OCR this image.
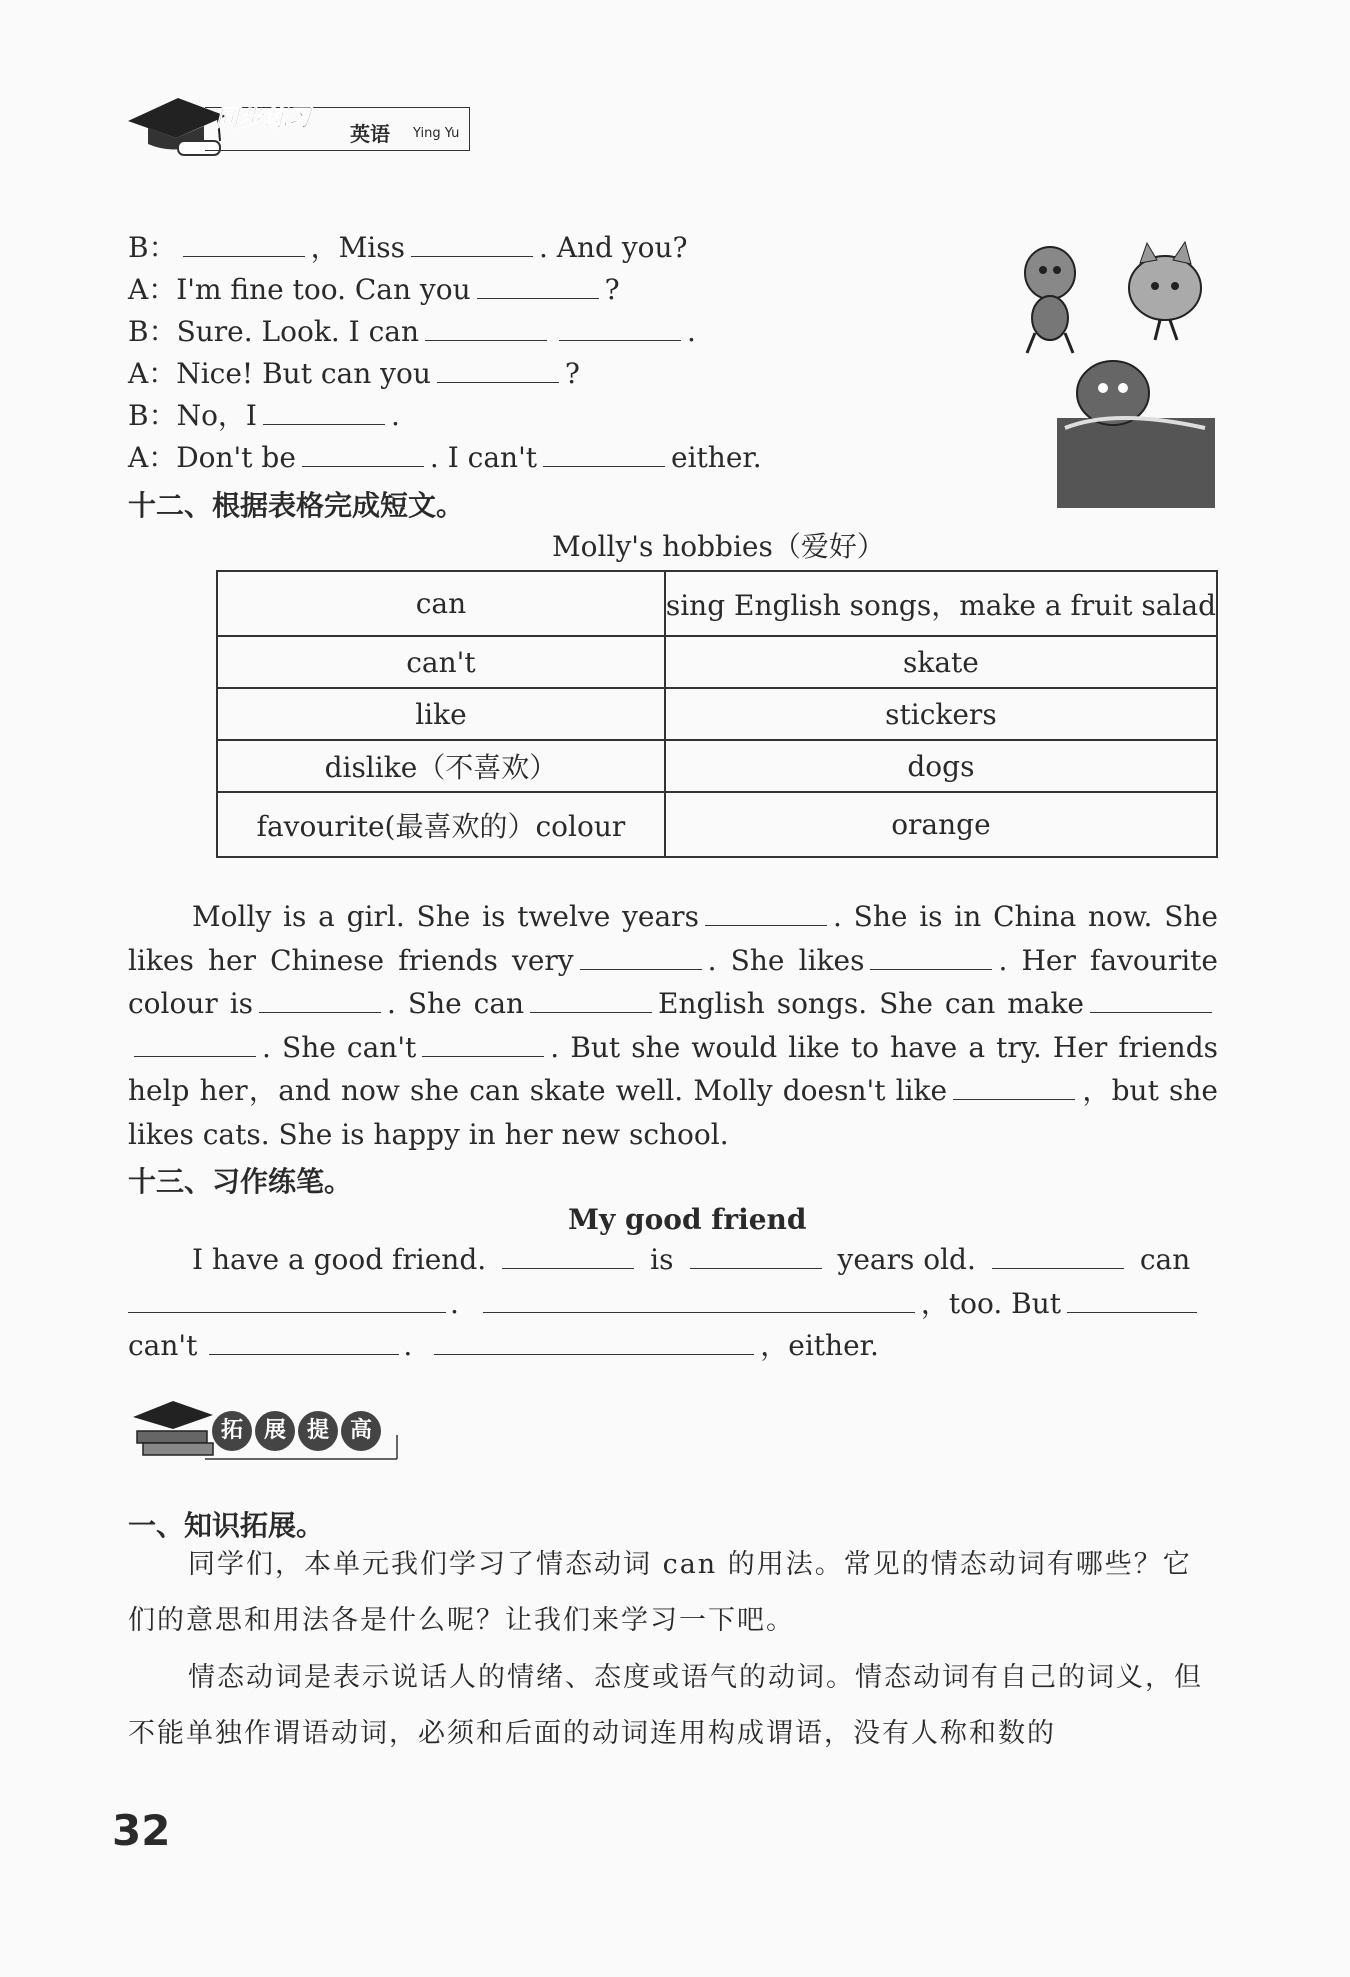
同步练习
英语 Ying Yu
B：	，Miss	. And you?
A：I'm fine too. Can you	?
B：Sure. Look. I can	.
A：Nice! But can you	?
B：No，I	.
A：Don't be	. I can't	either.
十二、根据表格完成短文。
Molly's hobbies（爱好）
can	sing English songs，make a fruit salad
can't	skate
like	stickers
dislike（不喜欢）	dogs
favourite(最喜欢的）colour	orange
Molly is a girl. She is twelve years	. She is in China now. She likes her Chinese friends very	. She likes	. Her favourite colour is	. She can	English songs. She can make. She can't	. But she would like to have a try. Her friends help her，and now she can skate well. Molly doesn't like	，but she likes cats. She is happy in her new school.
十三、习作练笔。
My good friend
I have a good friend.	is	years old.	can
.	，too. But
can't	.	，either.
拓 展 提 高
一、知识拓展。
同学们，本单元我们学习了情态动词 can 的用法。常见的情态动词有哪些？它们的意思和用法各是什么呢？让我们来学习一下吧。
情态动词是表示说话人的情绪、态度或语气的动词。情态动词有自己的词义，但不能单独作谓语动词，必须和后面的动词连用构成谓语，没有人称和数的
32
